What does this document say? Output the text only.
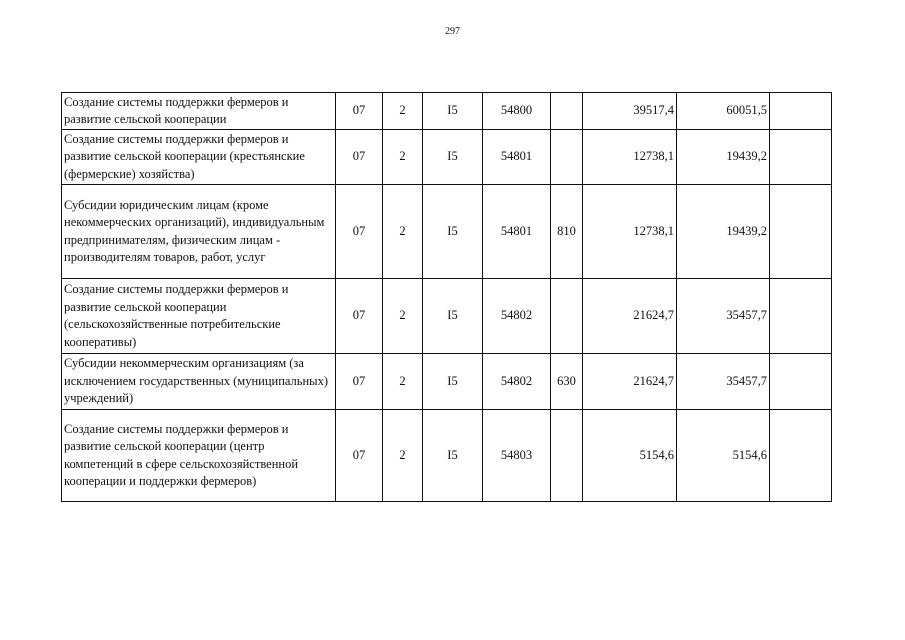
297
Создание системы поддержки фермеров и развитие сельской кооперации	07	2	I5	54800		39517,4	60051,5	
Создание системы поддержки фермеров и развитие сельской кооперации (крестьянские (фермерские) хозяйства)	07	2	I5	54801		12738,1	19439,2	
Субсидии юридическим лицам (кроме некоммерческих организаций), индивидуальным предпринимателям, физическим лицам - производителям товаров, работ, услуг	07	2	I5	54801	810	12738,1	19439,2	
Создание системы поддержки фермеров и развитие сельской кооперации (сельскохозяйственные потребительские кооперативы)	07	2	I5	54802		21624,7	35457,7	
Субсидии некоммерческим организациям (за исключением государственных (муниципальных) учреждений)	07	2	I5	54802	630	21624,7	35457,7	
Создание системы поддержки фермеров и развитие сельской кооперации (центр компетенций в сфере сельскохозяйственной кооперации и поддержки фермеров)	07	2	I5	54803		5154,6	5154,6	
